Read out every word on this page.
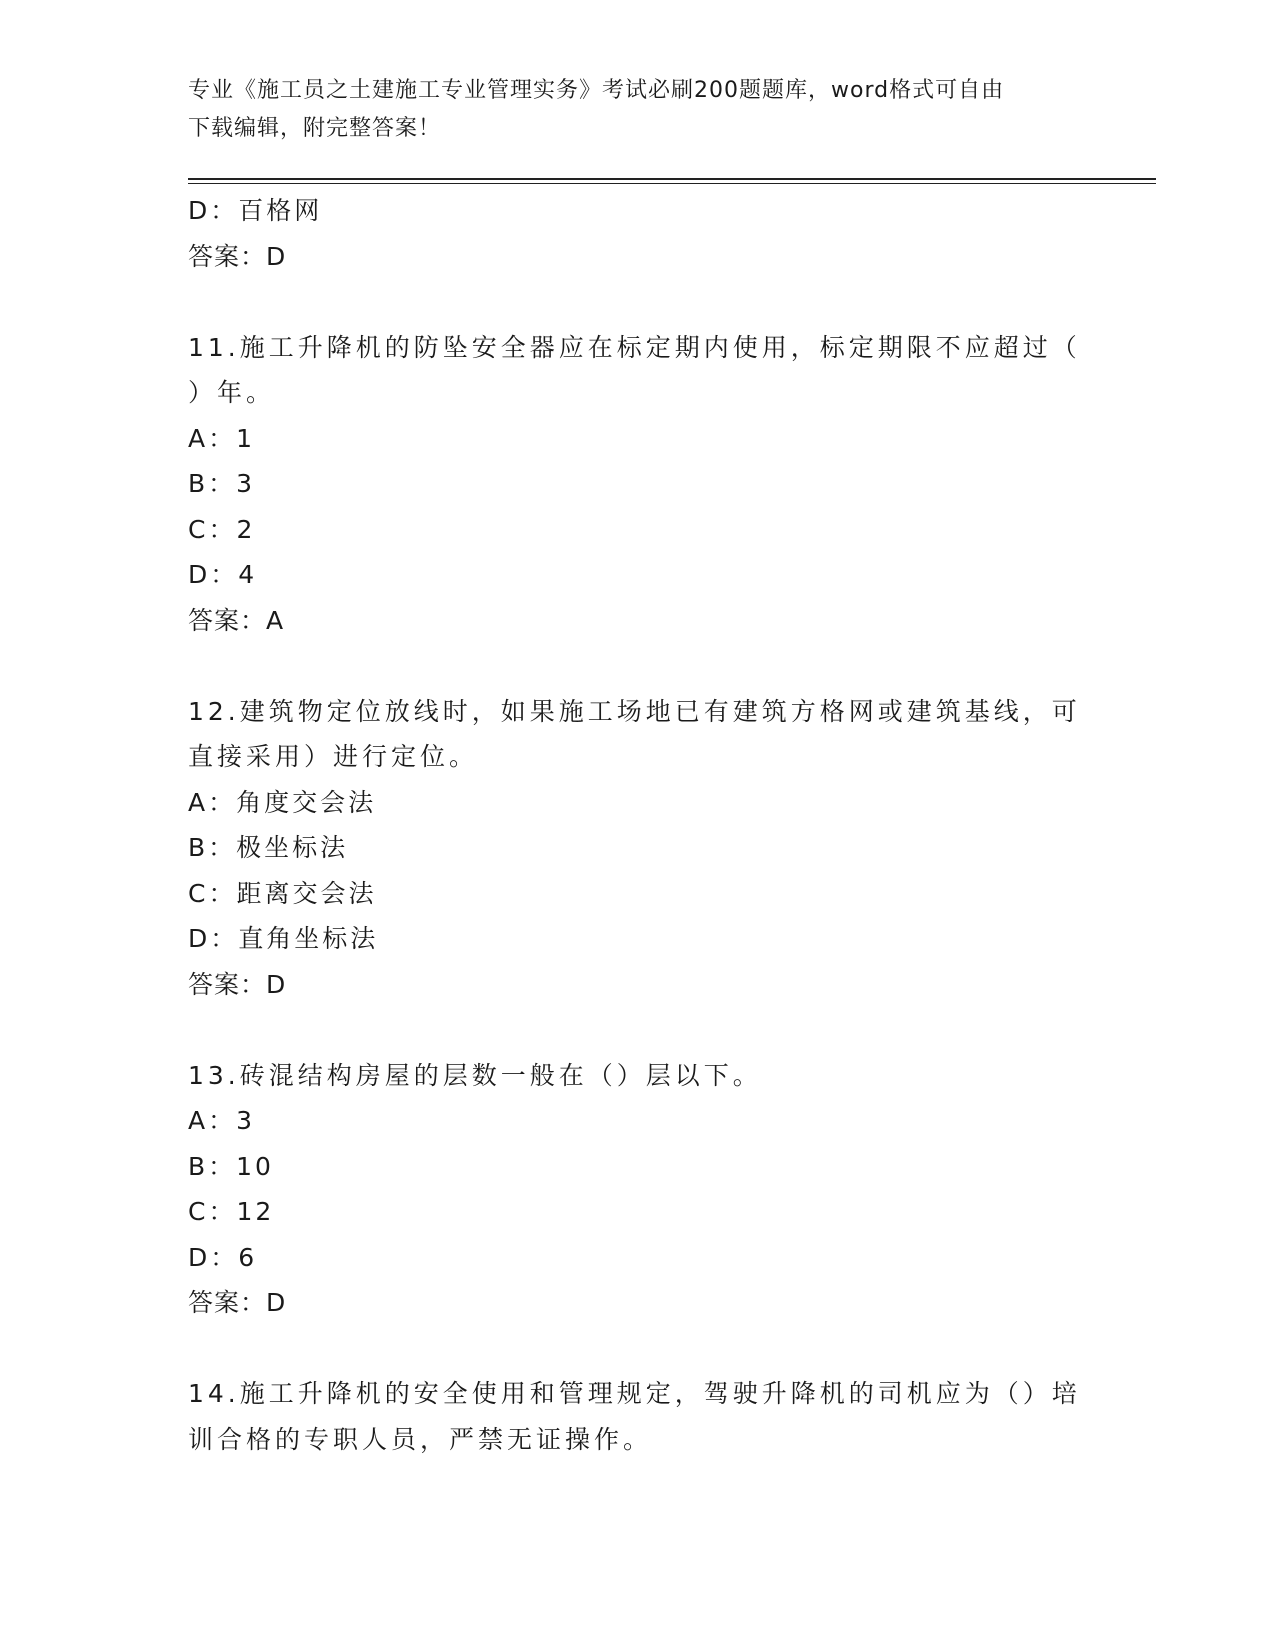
专业《施工员之土建施工专业管理实务》考试必刷200题题库，word格式可自由
下载编辑，附完整答案！
D：百格网
答案：D
11.施工升降机的防坠安全器应在标定期内使用，标定期限不应超过（
）年。
A：1
B：3
C：2
D：4
答案：A
12.建筑物定位放线时，如果施工场地已有建筑方格网或建筑基线，可
直接采用）进行定位。
A：角度交会法
B：极坐标法
C：距离交会法
D：直角坐标法
答案：D
13.砖混结构房屋的层数一般在（）层以下。
A：3
B：10
C：12
D：6
答案：D
14.施工升降机的安全使用和管理规定，驾驶升降机的司机应为（）培
训合格的专职人员，严禁无证操作。
